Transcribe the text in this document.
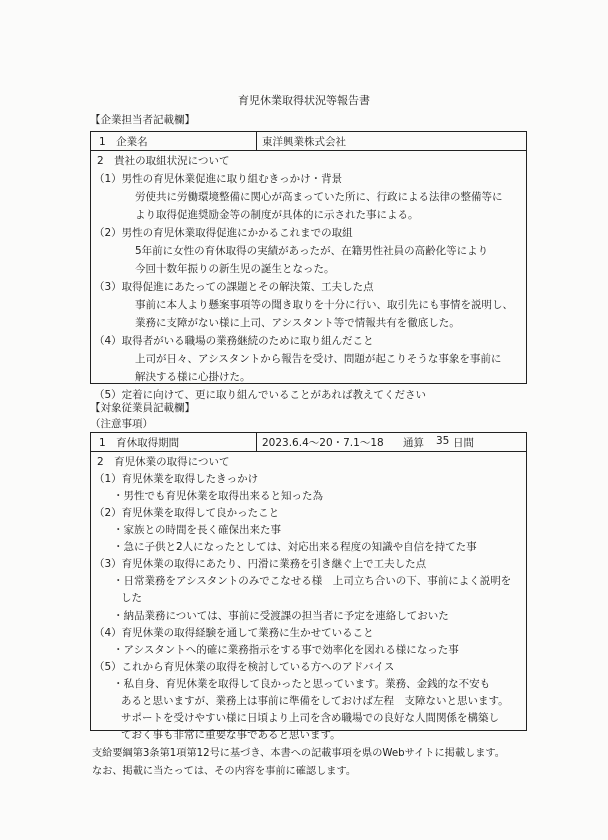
育児休業取得状況等報告書
【企業担当者記載欄】
1　企業名	東洋興業株式会社
2　貴社の取組状況について
（1）男性の育児休業促進に取り組むきっかけ・背景
労使共に労働環境整備に関心が高まっていた所に、行政による法律の整備等に
より取得促進奨励金等の制度が具体的に示された事による。
（2）男性の育児休業取得促進にかかるこれまでの取組
5年前に女性の育休取得の実績があったが、在籍男性社員の高齢化等により
今回十数年振りの新生児の誕生となった。
（3）取得促進にあたっての課題とその解決策、工夫した点
事前に本人より懸案事項等の聞き取りを十分に行い、取引先にも事情を説明し、
業務に支障がない様に上司、アシスタント等で情報共有を徹底した。
（4）取得者がいる職場の業務継続のために取り組んだこと
上司が日々、アシスタントから報告を受け、問題が起こりそうな事象を事前に
解決する様に心掛けた。
（5）定着に向けて、更に取り組んでいることがあれば教えてください
【対象従業員記載欄】
（注意事項）
1　育休取得期間	2023.6.4～20・7.1～18 通算 35 日間
2　育児休業の取得について
（1）育児休業を取得したきっかけ
・男性でも育児休業を取得出来ると知った為
（2）育児休業を取得して良かったこと
・家族との時間を長く確保出来た事
・急に子供と2人になったとしては、対応出来る程度の知識や自信を持てた事
（3）育児休業の取得にあたり、円滑に業務を引き継ぐ上で工夫した点
・日常業務をアシスタントのみでこなせる様　上司立ち合いの下、事前によく説明を
した
・納品業務については、事前に受渡課の担当者に予定を連絡しておいた
（4）育児休業の取得経験を通して業務に生かせていること
・アシスタントへ的確に業務指示をする事で効率化を図れる様になった事
（5）これから育児休業の取得を検討している方へのアドバイス
・私自身、育児休業を取得して良かったと思っています。業務、金銭的な不安も
あると思いますが、業務上は事前に準備をしておけば左程　支障ないと思います。
サポートを受けやすい様に日頃より上司を含め職場での良好な人間関係を構築し
ておく事も非常に重要な事であると思います。
支給要綱第3条第1項第12号に基づき、本書への記載事項を県のWebサイトに掲載します。
なお、掲載に当たっては、その内容を事前に確認します。
